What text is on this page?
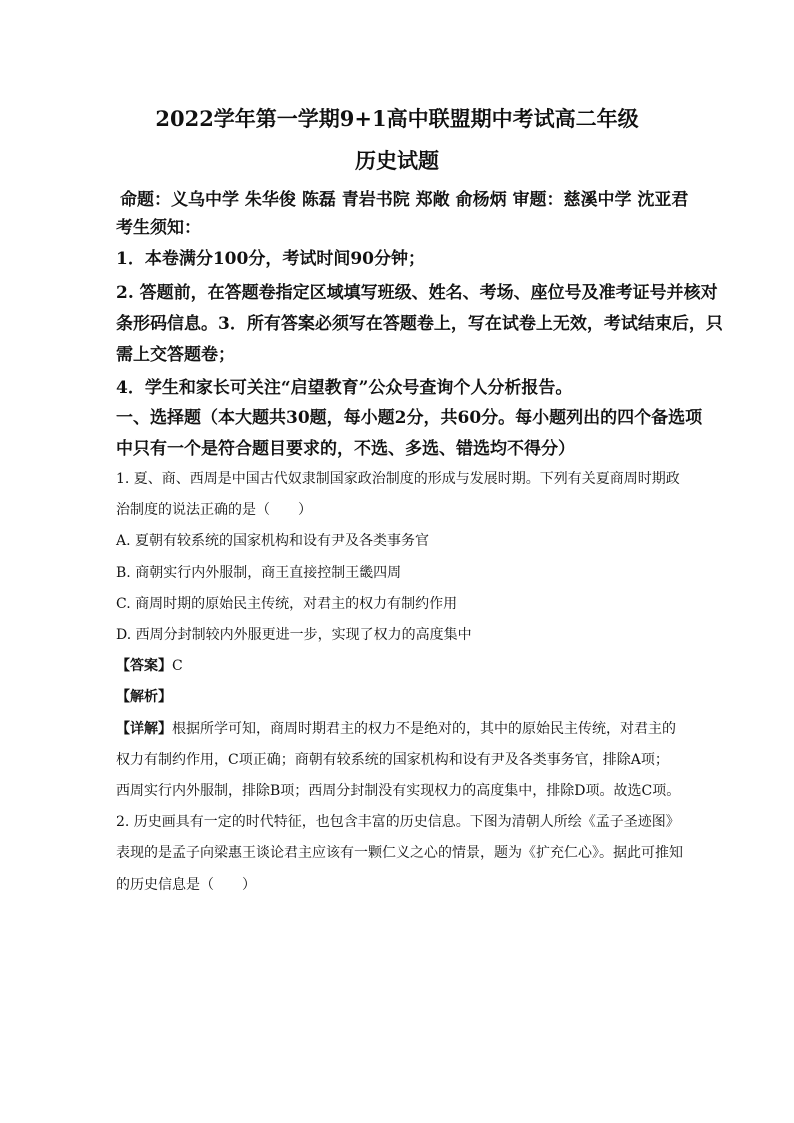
2022学年第一学期9+1高中联盟期中考试高二年级
历史试题
命题：义乌中学 朱华俊 陈磊 青岩书院 郑敞 俞杨炳 审题：慈溪中学 沈亚君
考生须知：
1．本卷满分100分，考试时间90分钟；
2. 答题前，在答题卷指定区域填写班级、姓名、考场、座位号及准考证号并核对
条形码信息。3．所有答案必须写在答题卷上，写在试卷上无效，考试结束后，只
需上交答题卷；
4．学生和家长可关注“启望教育”公众号查询个人分析报告。
一、选择题（本大题共30题，每小题2分，共60分。每小题列出的四个备选项
中只有一个是符合题目要求的，不选、多选、错选均不得分）
1. 夏、商、西周是中国古代奴隶制国家政治制度的形成与发展时期。下列有关夏商周时期政
治制度的说法正确的是（　　）
A. 夏朝有较系统的国家机构和设有尹及各类事务官
B. 商朝实行内外服制，商王直接控制王畿四周
C. 商周时期的原始民主传统，对君主的权力有制约作用
D. 西周分封制较内外服更进一步，实现了权力的高度集中
【答案】C
【解析】
【详解】根据所学可知，商周时期君主的权力不是绝对的，其中的原始民主传统，对君主的
权力有制约作用，C项正确；商朝有较系统的国家机构和设有尹及各类事务官，排除A项；
西周实行内外服制，排除B项；西周分封制没有实现权力的高度集中，排除D项。故选C项。
2. 历史画具有一定的时代特征，也包含丰富的历史信息。下图为清朝人所绘《孟子圣迹图》
表现的是孟子向梁惠王谈论君主应该有一颗仁义之心的情景，题为《扩充仁心》。据此可推知
的历史信息是（　　）
